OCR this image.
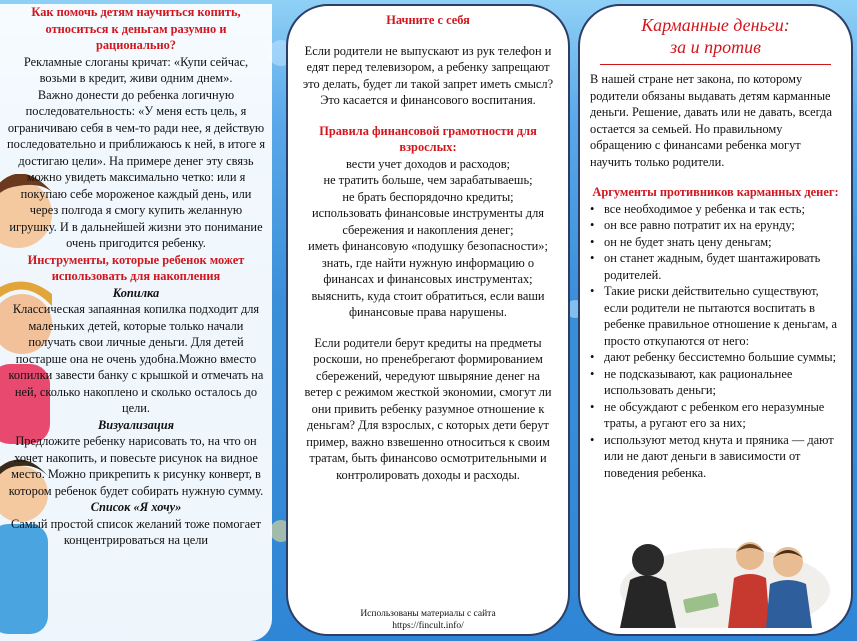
Как помочь детям научиться копить, относиться к деньгам разумно и рационально?

Рекламные слоганы кричат: «Купи сейчас, возьми в кредит, живи одним днем».

Важно донести до ребенка логичную последовательность: «У меня есть цель, я ограничиваю себя в чем-то ради нее, я действую последовательно и приближаюсь к ней, в итоге я достигаю цели». На примере денег эту связь можно увидеть максимально четко: или я покупаю себе мороженое каждый день, или через полгода я смогу купить желанную игрушку. И в дальнейшей жизни это понимание очень пригодится ребенку.

Инструменты, которые ребенок может использовать для накопления

Копилка

Классическая запаянная копилка подходит для маленьких детей, которые только начали получать свои личные деньги. Для детей постарше она не очень удобна.Можно вместо копилки завести банку с крышкой и отмечать на ней, сколько накоплено и сколько осталось до цели.

Визуализация

Предложите ребенку нарисовать то, на что он хочет накопить, и повесьте рисунок на видное место. Можно прикрепить к рисунку конверт, в котором ребенок будет собирать нужную сумму.

Список «Я хочу»

Самый простой список желаний тоже помогает концентрироваться на цели

Начните с себя

Если родители не выпускают из рук телефон и едят перед телевизором, а ребенку запрещают это делать, будет ли такой запрет иметь смысл? Это касается и финансового воспитания.

Правила финансовой грамотности для взрослых:

вести учет доходов и расходов;

не тратить больше, чем зарабатываешь;

не брать беспорядочно кредиты;

использовать финансовые инструменты для сбережения и накопления денег;

иметь финансовую «подушку безопасности»;

знать, где найти нужную информацию о финансах и финансовых инструментах;

выяснить, куда стоит обратиться, если ваши финансовые права нарушены.

Если родители берут кредиты на предметы роскоши, но пренебрегают формированием сбережений, чередуют швыряние денег на ветер с режимом жесткой экономии, смогут ли они привить ребенку разумное отношение к деньгам? Для взрослых, с которых дети берут пример, важно взвешенно относиться к своим тратам, быть финансово осмотрительными и контролировать доходы и расходы.

Использованы материалы с сайта
https://fincult.info/
Карманные деньги:
за и против

В нашей стране нет закона, по которому родители обязаны выдавать детям карманные деньги. Решение, давать или не давать, всегда остается за семьей. Но правильному обращению с финансами ребенка могут научить только родители.

Аргументы противников карманных денег:

• все необходимое у ребенка и так есть;
• он все равно потратит их на ерунду;
• он не будет знать цену деньгам;
• он станет жадным, будет шантажировать родителей.
• Такие риски действительно существуют, если родители не пытаются воспитать в ребенке правильное отношение к деньгам, а просто откупаются от него:
• дают ребенку бессистемно большие суммы;
• не подсказывают, как рациональнее использовать деньги;
• не обсуждают с ребенком его неразумные траты, а ругают его за них;
• используют метод кнута и пряника — дают или не дают деньги в зависимости от поведения ребенка.
